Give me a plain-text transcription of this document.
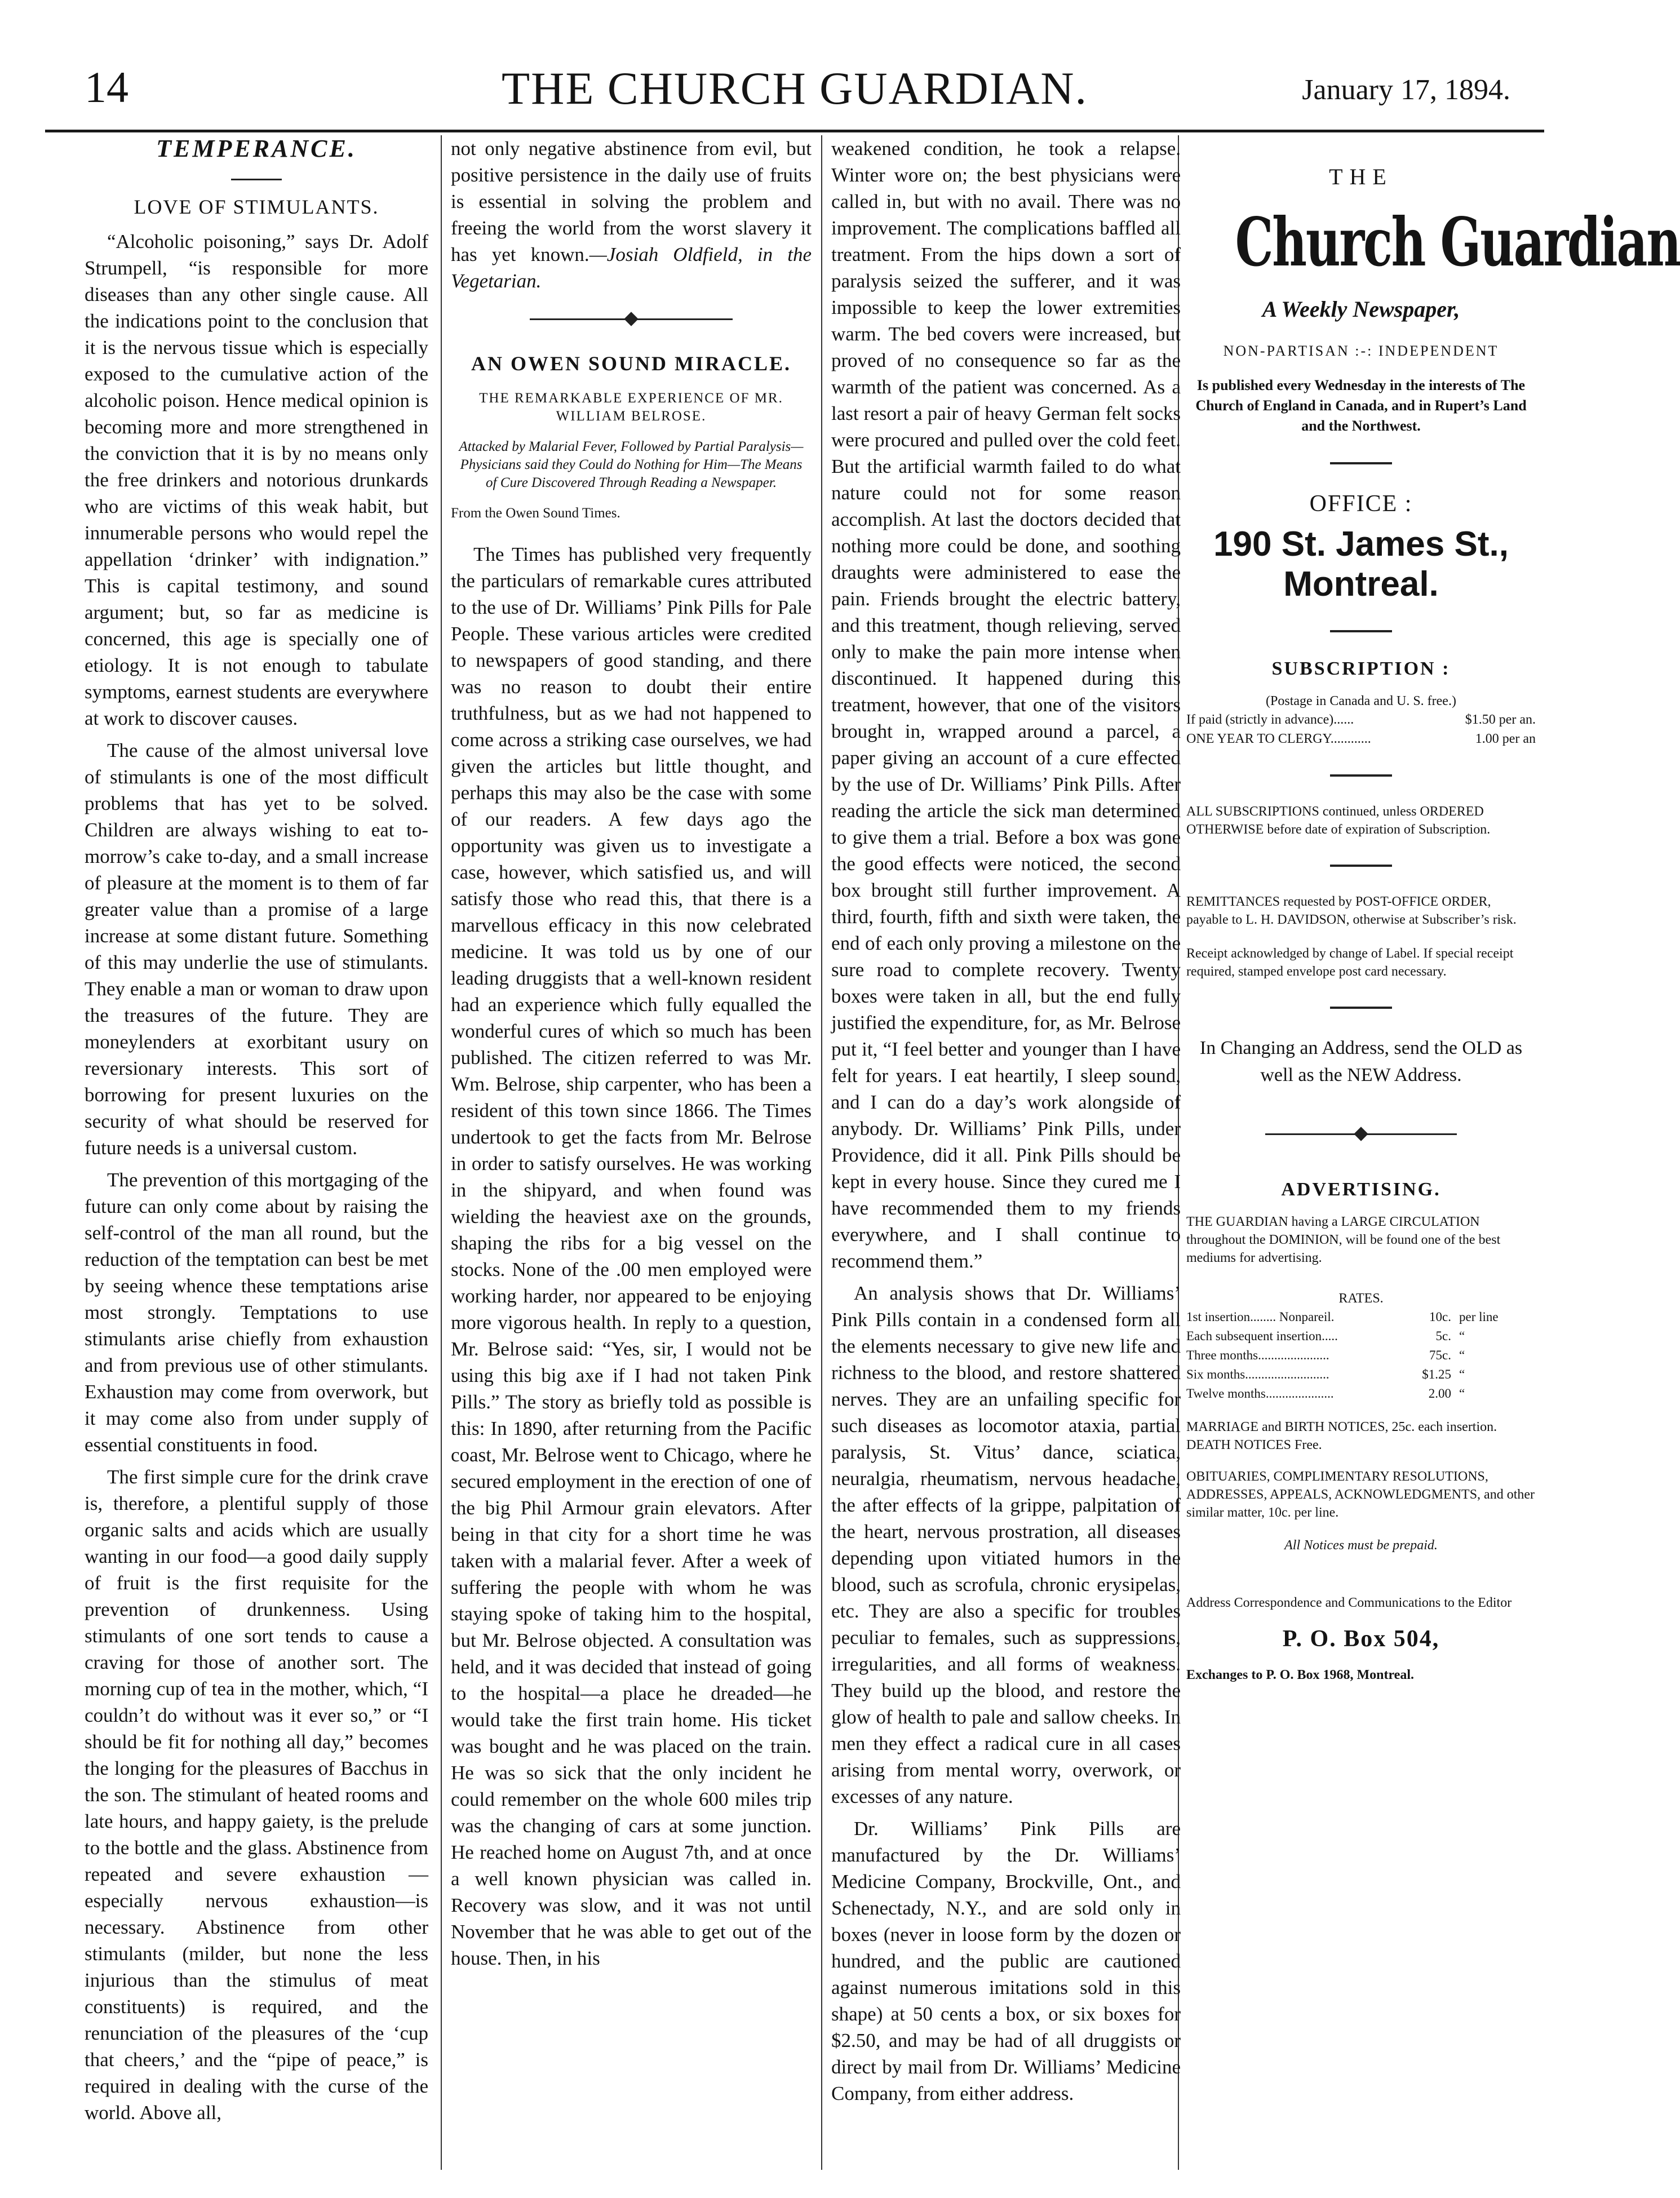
14	THE CHURCH GUARDIAN.	January 17, 1894.
TEMPERANCE.
LOVE OF STIMULANTS.

“Alcoholic poisoning,” says Dr. Adolf Strumpell, “is responsible for more diseases than any other single cause. All the indications point to the conclusion that it is the nervous tissue which is especially exposed to the cumulative action of the alcoholic poison. Hence medical opinion is becoming more and more strengthened in the conviction that it is by no means only the free drinkers and notorious drunkards who are victims of this weak habit, but innumerable persons who would repel the appellation ‘drinker’ with indignation.” This is capital testimony, and sound argument; but, so far as medicine is concerned, this age is specially one of etiology. It is not enough to tabulate symptoms, earnest students are everywhere at work to discover causes.

The cause of the almost universal love of stimulants is one of the most difficult problems that has yet to be solved. Children are always wishing to eat to-morrow’s cake to-day, and a small increase of pleasure at the moment is to them of far greater value than a promise of a large increase at some distant future. Something of this may underlie the use of stimulants. They enable a man or woman to draw upon the treasures of the future. They are moneylenders at exorbitant usury on reversionary interests. This sort of borrowing for present luxuries on the security of what should be reserved for future needs is a universal custom.

The prevention of this mortgaging of the future can only come about by raising the self-control of the man all round, but the reduction of the temptation can best be met by seeing whence these temptations arise most strongly. Temptations to use stimulants arise chiefly from exhaustion and from previous use of other stimulants. Exhaustion may come from overwork, but it may come also from under supply of essential constituents in food.

The first simple cure for the drink crave is, therefore, a plentiful supply of those organic salts and acids which are usually wanting in our food—a good daily supply of fruit is the first requisite for the prevention of drunkenness. Using stimulants of one sort tends to cause a craving for those of another sort. The morning cup of tea in the mother, which, “I couldn’t do without was it ever so,” or “I should be fit for nothing all day,” becomes the longing for the pleasures of Bacchus in the son. The stimulant of heated rooms and late hours, and happy gaiety, is the prelude to the bottle and the glass. Abstinence from repeated and severe exhaustion —especially nervous exhaustion—is necessary. Abstinence from other stimulants (milder, but none the less injurious than the stimulus of meat constituents) is required, and the renunciation of the pleasures of the ‘cup that cheers,’ and the “pipe of peace,” is required in dealing with the curse of the world. Above all,

not only negative abstinence from evil, but positive persistence in the daily use of fruits is essential in solving the problem and freeing the world from the worst slavery it has yet known.—Josiah Oldfield, in the Vegetarian.

AN OWEN SOUND MIRACLE.
THE REMARKABLE EXPERIENCE OF MR. WILLIAM BELROSE.
Attacked by Malarial Fever, Followed by Partial Paralysis—Physicians said they Could do Nothing for Him—The Means of Cure Discovered Through Reading a Newspaper.
From the Owen Sound Times.

The Times has published very frequently the particulars of remarkable cures attributed to the use of Dr. Williams’ Pink Pills for Pale People. These various articles were credited to newspapers of good standing, and there was no reason to doubt their entire truthfulness, but as we had not happened to come across a striking case ourselves, we had given the articles but little thought, and perhaps this may also be the case with some of our readers. A few days ago the opportunity was given us to investigate a case, however, which satisfied us, and will satisfy those who read this, that there is a marvellous efficacy in this now celebrated medicine. It was told us by one of our leading druggists that a well-known resident had an experience which fully equalled the wonderful cures of which so much has been published. The citizen referred to was Mr. Wm. Belrose, ship carpenter, who has been a resident of this town since 1866. The Times undertook to get the facts from Mr. Belrose in order to satisfy ourselves. He was working in the shipyard, and when found was wielding the heaviest axe on the grounds, shaping the ribs for a big vessel on the stocks. None of the .00 men employed were working harder, nor appeared to be enjoying more vigorous health. In reply to a question, Mr. Belrose said: “Yes, sir, I would not be using this big axe if I had not taken Pink Pills.” The story as briefly told as possible is this: In 1890, after returning from the Pacific coast, Mr. Belrose went to Chicago, where he secured employment in the erection of one of the big Phil Armour grain elevators. After being in that city for a short time he was taken with a malarial fever. After a week of suffering the people with whom he was staying spoke of taking him to the hospital, but Mr. Belrose objected. A consultation was held, and it was decided that instead of going to the hospital—a place he dreaded—he would take the first train home. His ticket was bought and he was placed on the train. He was so sick that the only incident he could remember on the whole 600 miles trip was the changing of cars at some junction. He reached home on August 7th, and at once a well known physician was called in. Recovery was slow, and it was not until November that he was able to get out of the house. Then, in his

weakened condition, he took a relapse. Winter wore on; the best physicians were called in, but with no avail. There was no improvement. The complications baffled all treatment. From the hips down a sort of paralysis seized the sufferer, and it was impossible to keep the lower extremities warm. The bed covers were increased, but proved of no consequence so far as the warmth of the patient was concerned. As a last resort a pair of heavy German felt socks were procured and pulled over the cold feet. But the artificial warmth failed to do what nature could not for some reason accomplish. At last the doctors decided that nothing more could be done, and soothing draughts were administered to ease the pain. Friends brought the electric battery, and this treatment, though relieving, served only to make the pain more intense when discontinued. It happened during this treatment, however, that one of the visitors brought in, wrapped around a parcel, a paper giving an account of a cure effected by the use of Dr. Williams’ Pink Pills. After reading the article the sick man determined to give them a trial. Before a box was gone the good effects were noticed, the second box brought still further improvement. A third, fourth, fifth and sixth were taken, the end of each only proving a milestone on the sure road to complete recovery. Twenty boxes were taken in all, but the end fully justified the expenditure, for, as Mr. Belrose put it, “I feel better and younger than I have felt for years. I eat heartily, I sleep sound, and I can do a day’s work alongside of anybody. Dr. Williams’ Pink Pills, under Providence, did it all. Pink Pills should be kept in every house. Since they cured me I have recommended them to my friends everywhere, and I shall continue to recommend them.”

An analysis shows that Dr. Williams’ Pink Pills contain in a condensed form all the elements necessary to give new life and richness to the blood, and restore shattered nerves. They are an unfailing specific for such diseases as locomotor ataxia, partial paralysis, St. Vitus’ dance, sciatica, neuralgia, rheumatism, nervous headache, the after effects of la grippe, palpitation of the heart, nervous prostration, all diseases depending upon vitiated humors in the blood, such as scrofula, chronic erysipelas, etc. They are also a specific for troubles peculiar to females, such as suppressions, irregularities, and all forms of weakness. They build up the blood, and restore the glow of health to pale and sallow cheeks. In men they effect a radical cure in all cases arising from mental worry, overwork, or excesses of any nature.

Dr. Williams’ Pink Pills are manufactured by the Dr. Williams’ Medicine Company, Brockville, Ont., and Schenectady, N.Y., and are sold only in boxes (never in loose form by the dozen or hundred, and the public are cautioned against numerous imitations sold in this shape) at 50 cents a box, or six boxes for $2.50, and may be had of all druggists or direct by mail from Dr. Williams’ Medicine Company, from either address.

THE
Church Guardian
A Weekly Newspaper,
NON-PARTISAN :-: INDEPENDENT
Is published every Wednesday in the interests of The Church of England in Canada, and in Rupert’s Land and the Northwest.
OFFICE :
190 St. James St., Montreal.
SUBSCRIPTION :
(Postage in Canada and U. S. free.)
If paid (strictly in advance)......	$1.50 per an.
ONE YEAR TO CLERGY............	1.00 per an
ALL SUBSCRIPTIONS continued, unless ORDERED OTHERWISE before date of expiration of Subscription.
REMITTANCES requested by POST-OFFICE ORDER, payable to L. H. DAVIDSON, otherwise at Subscriber’s risk.
Receipt acknowledged by change of Label. If special receipt required, stamped envelope post card necessary.
In Changing an Address, send the OLD as well as the NEW Address.
ADVERTISING.
THE GUARDIAN having a LARGE CIRCULATION throughout the DOMINION, will be found one of the best mediums for advertising.
RATES.
1st insertion........ Nonpareil.	10c. per line
Each subsequent insertion.....	5c. “
Three months......................	75c. “
Six months..........................	$1.25 “
Twelve months.....................	2.00 “
MARRIAGE and BIRTH NOTICES, 25c. each insertion. DEATH NOTICES Free.
OBITUARIES, COMPLIMENTARY RESOLUTIONS, ADDRESSES, APPEALS, ACKNOWLEDGMENTS, and other similar matter, 10c. per line.
All Notices must be prepaid.
Address Correspondence and Communications to the Editor
P. O. Box 504,
Exchanges to P. O. Box 1968, Montreal.
